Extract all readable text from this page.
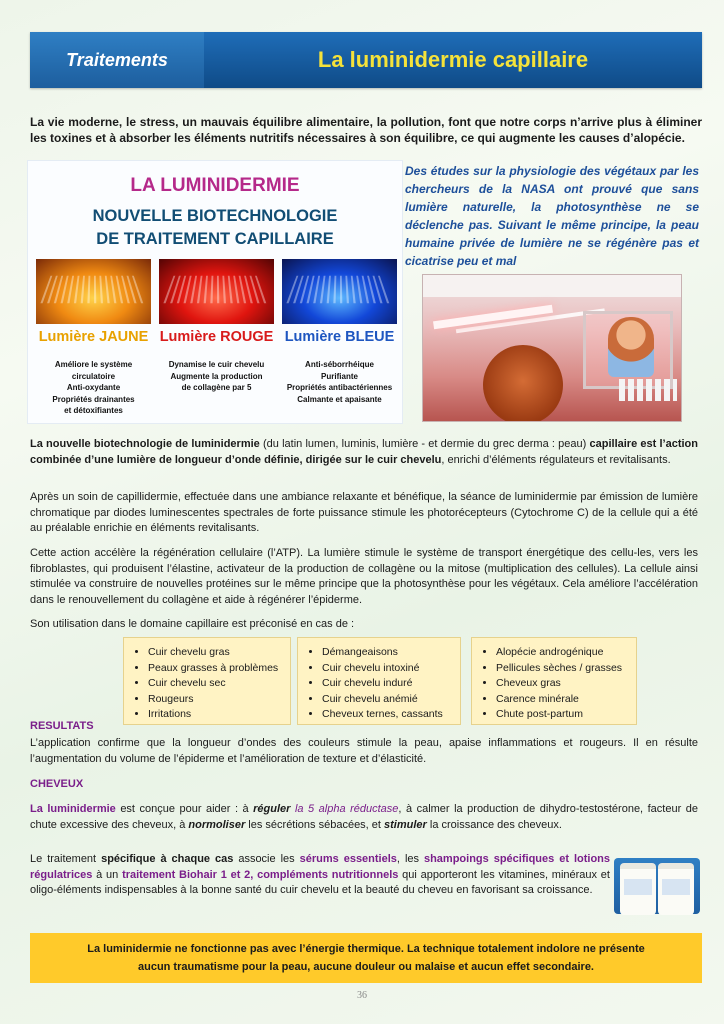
Traitements	La luminidermie capillaire
La vie moderne, le stress, un mauvais équilibre alimentaire, la pollution, font que notre corps n’arrive plus à éliminer les toxines et à absorber les éléments nutritifs nécessaires à son équilibre, ce qui augmente les causes d’alopécie.
LA LUMINIDERMIE
NOUVELLE BIOTECHNOLOGIE
DE TRAITEMENT CAPILLAIRE
Lumière JAUNE Lumière ROUGE Lumière BLEUE
Améliore le système
circulatoire
Anti-oxydante
Propriétés drainantes
et détoxifiantes
Dynamise le cuir chevelu
Augmente la production
de collagène par 5
Anti-séborrhéique
Purifiante
Propriétés antibactériennes
Calmante et apaisante
Des études sur la physiologie des végétaux par les chercheurs de la NASA ont prouvé que sans lumière naturelle, la photosynthèse ne se déclenche pas. Suivant le même principe, la peau humaine privée de lumière ne se régénère pas et cicatrise peu et mal
La nouvelle biotechnologie de luminidermie (du latin lumen, luminis, lumière - et dermie du grec derma : peau) capillaire est l’action combinée d’une lumière de longueur d’onde définie, dirigée sur le cuir chevelu, enrichi d’éléments régulateurs et revitalisants.
Après un soin de capillidermie, effectuée dans une ambiance relaxante et bénéfique, la séance de luminidermie par émission de lumière chromatique par diodes luminescentes spectrales de forte puissance stimule les photorécepteurs (Cytochrome C) de la cellule qui a été au préalable enrichie en éléments revitalisants.
Cette action accélère la régénération cellulaire (l’ATP). La lumière stimule le système de transport énergétique des cellu-les, vers les fibroblastes, qui produisent l’élastine, activateur de la production de collagène ou la mitose (multiplication des cellules). La cellule ainsi stimulée va construire de nouvelles protéines sur le même principe que la photosynthèse pour les végétaux. Cela améliore l’accélération dans le renouvellement du collagène et aide à régénérer l’épiderme.
Son utilisation dans le domaine capillaire est préconisé en cas de :
• Cuir chevelu gras
• Peaux grasses à problèmes
• Cuir chevelu sec
• Rougeurs
• Irritations
• Démangeaisons
• Cuir chevelu intoxiné
• Cuir chevelu induré
• Cuir chevelu anémié
• Cheveux ternes, cassants
• Alopécie androgénique
• Pellicules sèches / grasses
• Cheveux gras
• Carence minérale
• Chute post-partum
RESULTATS
L’application confirme que la longueur d’ondes des couleurs stimule la peau, apaise inflammations et rougeurs. Il en résulte l’augmentation du volume de l’épiderme et l’amélioration de texture et d’élasticité.
CHEVEUX
La luminidermie est conçue pour aider : à réguler la 5 alpha réductase, à calmer la production de dihydro-testostérone, facteur de chute excessive des cheveux, à normoliser les sécrétions sébacées, et stimuler la croissance des cheveux.
Le traitement spécifique à chaque cas associe les sérums essentiels, les shampoings spécifiques et lotions régulatrices à un traitement Biohair 1 et 2, compléments nutritionnels qui apporteront les vitamines, minéraux et oligo-éléments indispensables à la bonne santé du cuir chevelu et la beauté du cheveu en favorisant sa croissance.
La luminidermie ne fonctionne pas avec l’énergie thermique. La technique totalement indolore ne présente
aucun traumatisme pour la peau, aucune douleur ou malaise et aucun effet secondaire.
36
